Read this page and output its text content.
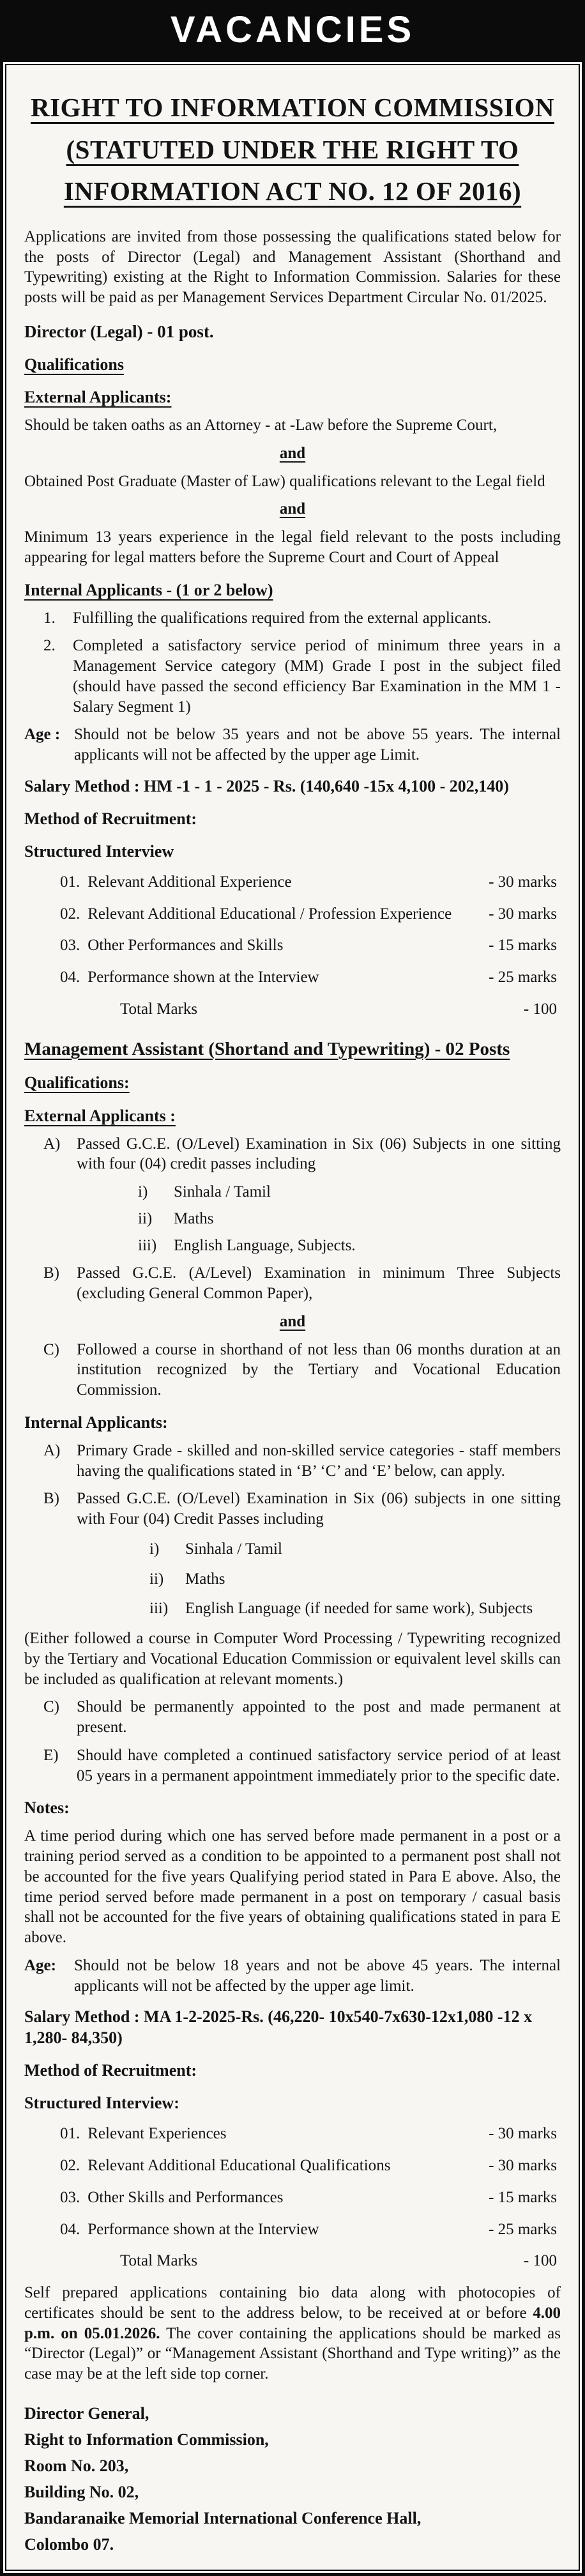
VACANCIES
RIGHT TO INFORMATION COMMISSION
(STATUTED UNDER THE RIGHT TO
INFORMATION ACT NO. 12 OF 2016)

Applications are invited from those possessing the qualifications stated below for the posts of Director (Legal) and Management Assistant (Shorthand and Typewriting) existing at the Right to Information Commission. Salaries for these posts will be paid as per Management Services Department Circular No. 01/2025.

Director (Legal) - 01 post.
Qualifications
External Applicants:

Should be taken oaths as an Attorney - at -Law before the Supreme Court,

and

Obtained Post Graduate (Master of Law) qualifications relevant to the Legal field

and

Minimum 13 years experience in the legal field relevant to the posts including appearing for legal matters before the Supreme Court and Court of Appeal

Internal Applicants - (1 or 2 below)
1.	Fulfilling the qualifications required from the external applicants.
2.	Completed a satisfactory service period of minimum three years in a Management Service category (MM) Grade I post in the subject filed (should have passed the second efficiency Bar Examination in the MM 1 - Salary Segment 1)
Age : Should not be below 35 years and not be above 55 years. The internal applicants will not be affected by the upper age Limit.
Salary Method : HM -1 - 1 - 2025 - Rs. (140,640 -15x 4,100 - 202,140)
Method of Recruitment:
Structured Interview
01. Relevant Additional Experience	- 30 marks
02. Relevant Additional Educational / Profession Experience - 30 marks
03. Other Performances and Skills	- 15 marks
04. Performance shown at the Interview	- 25 marks
Total Marks	- 100
Management Assistant (Shortand and Typewriting) - 02 Posts
Qualifications:
External Applicants :
A)	Passed G.C.E. (O/Level) Examination in Six (06) Subjects in one sitting with four (04) credit passes including
i)	Sinhala / Tamil
ii)	Maths
iii)	English Language, Subjects.
B)	Passed G.C.E. (A/Level) Examination in minimum Three Subjects (excluding General Common Paper),
and
C)	Followed a course in shorthand of not less than 06 months duration at an institution recognized by the Tertiary and Vocational Education Commission.
Internal Applicants:
A)	Primary Grade - skilled and non-skilled service categories - staff members having the qualifications stated in ‘B’ ‘C’ and ‘E’ below, can apply.
B)	Passed G.C.E. (O/Level) Examination in Six (06) subjects in one sitting with Four (04) Credit Passes including
i)	Sinhala / Tamil
ii)	Maths
iii)	English Language (if needed for same work), Subjects

(Either followed a course in Computer Word Processing / Typewriting recognized by the Tertiary and Vocational Education Commission or equivalent level skills can be included as qualification at relevant moments.)

C)	Should be permanently appointed to the post and made permanent at present.
E)	Should have completed a continued satisfactory service period of at least 05 years in a permanent appointment immediately prior to the specific date.
Notes:

A time period during which one has served before made permanent in a post or a training period served as a condition to be appointed to a permanent post shall not be accounted for the five years Qualifying period stated in Para E above. Also, the time period served before made permanent in a post on temporary / casual basis shall not be accounted for the five years of obtaining qualifications stated in para E above.

Age:	Should not be below 18 years and not be above 45 years. The internal applicants will not be affected by the upper age limit.
Salary Method : MA 1-2-2025-Rs. (46,220- 10x540-7x630-12x1,080 -12 x 1,280- 84,350)
Method of Recruitment:
Structured Interview:
01. Relevant Experiences	- 30 marks
02. Relevant Additional Educational Qualifications	- 30 marks
03. Other Skills and Performances	- 15 marks
04. Performance shown at the Interview	- 25 marks
Total Marks	- 100

Self prepared applications containing bio data along with photocopies of certificates should be sent to the address below, to be received at or before 4.00 p.m. on 05.01.2026. The cover containing the applications should be marked as “Director (Legal)” or “Management Assistant (Shorthand and Type writing)” as the case may be at the left side top corner.

Director General,
Right to Information Commission,
Room No. 203,
Building No. 02,
Bandaranaike Memorial International Conference Hall,
Colombo 07.
